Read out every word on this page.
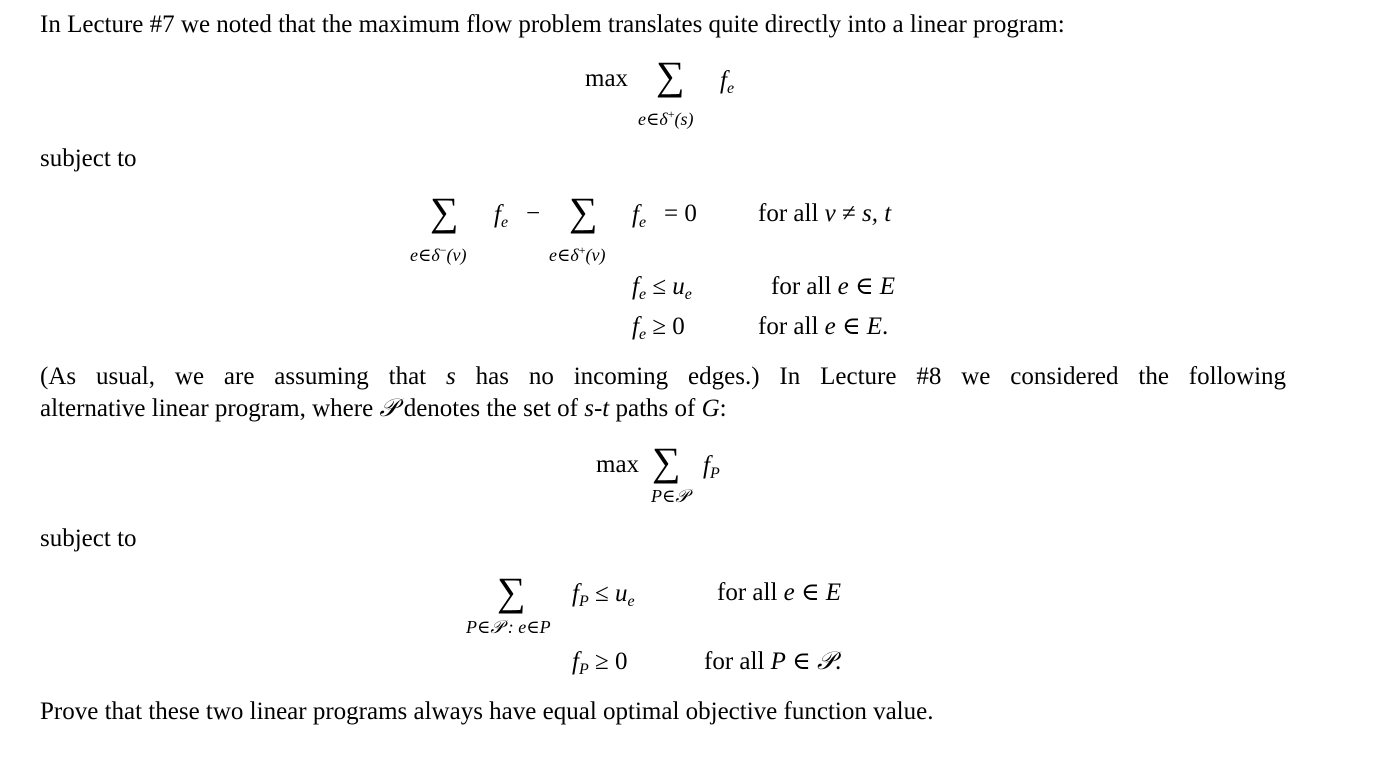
In Lecture #7 we noted that the maximum flow problem translates quite directly into a linear program:
max ∑ $f_e$
e∈δ+(s)
subject to
∑ $f_e$ − ∑ $f_e = 0$
e∈δ−(v)	e∈δ+(v)
for all v ≠ s, t
$f_e \le u_e$	for all e ∈ E
$f_e \ge 0$	for all e ∈ E.
(As usual, we are assuming that s has no incoming edges.) In Lecture #8 we considered the following
alternative linear program, where 𝒫 denotes the set of s-t paths of G:
max ∑ $f_P$
P∈𝒫
subject to
∑ $f_P \le u_e$
P∈𝒫 : e∈P
for all e ∈ E
$f_P \ge 0$	for all P ∈ 𝒫.
Prove that these two linear programs always have equal optimal objective function value.
